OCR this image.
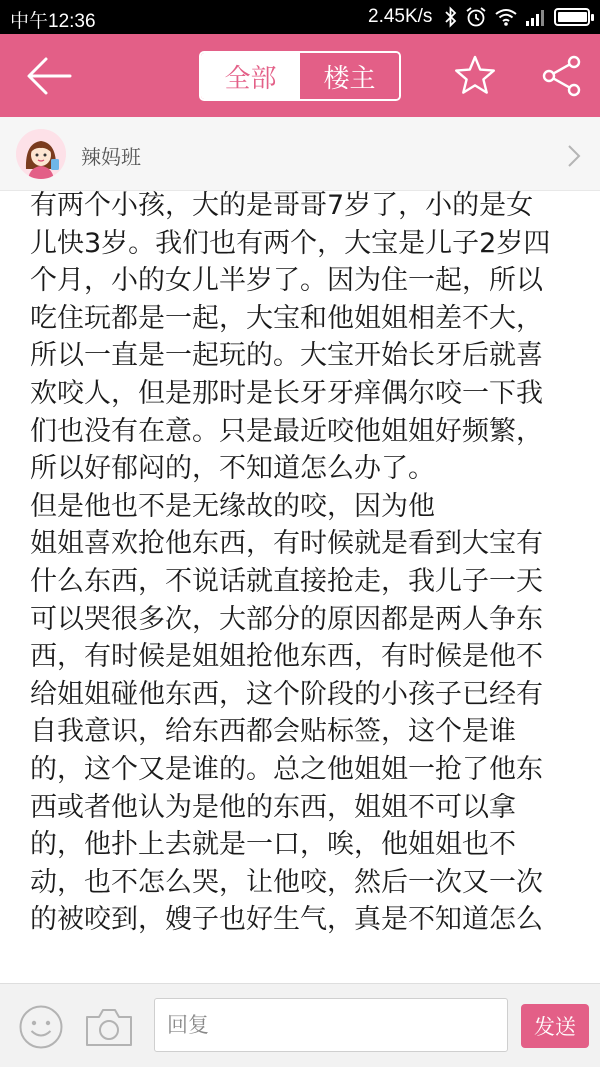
中午12:36	2.45K/s
全部	楼主
辣妈班

有两个小孩，大的是哥哥7岁了，小的是女

儿快3岁。我们也有两个，大宝是儿子2岁四

个月，小的女儿半岁了。因为住一起，所以

吃住玩都是一起，大宝和他姐姐相差不大，

所以一直是一起玩的。大宝开始长牙后就喜

欢咬人，但是那时是长牙牙痒偶尔咬一下我

们也没有在意。只是最近咬他姐姐好频繁，

所以好郁闷的，不知道怎么办了。

但是他也不是无缘故的咬，因为他

姐姐喜欢抢他东西，有时候就是看到大宝有

什么东西，不说话就直接抢走，我儿子一天

可以哭很多次，大部分的原因都是两人争东

西，有时候是姐姐抢他东西，有时候是他不

给姐姐碰他东西，这个阶段的小孩子已经有

自我意识，给东西都会贴标签，这个是谁

的，这个又是谁的。总之他姐姐一抢了他东

西或者他认为是他的东西，姐姐不可以拿

的，他扑上去就是一口，唉，他姐姐也不

动，也不怎么哭，让他咬，然后一次又一次

的被咬到，嫂子也好生气，真是不知道怎么

回复
发送
